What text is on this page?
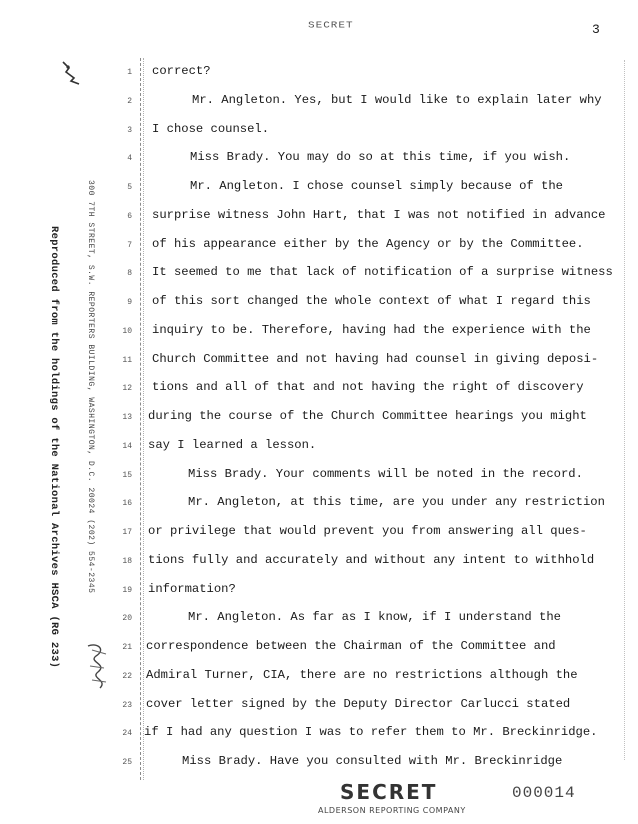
SECRET	3
Reproduced from the holdings of the National Archives HSCA (RG 233)	300 7TH STREET, S.W. REPORTERS BUILDING, WASHINGTON, D.C. 20024 (202) 554-2345
1 correct?
2	Mr. Angleton. Yes, but I would like to explain later why
3 I chose counsel.
4	Miss Brady. You may do so at this time, if you wish.
5	Mr. Angleton. I chose counsel simply because of the
6 surprise witness John Hart, that I was not notified in advance
7 of his appearance either by the Agency or by the Committee.
8 It seemed to me that lack of notification of a surprise witness
9 of this sort changed the whole context of what I regard this
10 inquiry to be. Therefore, having had the experience with the
11 Church Committee and not having had counsel in giving deposi-
12 tions and all of that and not having the right of discovery
13 during the course of the Church Committee hearings you might
14 say I learned a lesson.
15	Miss Brady. Your comments will be noted in the record.
16	Mr. Angleton, at this time, are you under any restriction
17 or privilege that would prevent you from answering all ques-
18 tions fully and accurately and without any intent to withhold
19 information?
20	Mr. Angleton. As far as I know, if I understand the
21 correspondence between the Chairman of the Committee and
22 Admiral Turner, CIA, there are no restrictions although the
23 cover letter signed by the Deputy Director Carlucci stated
24 if I had any question I was to refer them to Mr. Breckinridge.
25	Miss Brady. Have you consulted with Mr. Breckinridge
SECRET	000014
ALDERSON REPORTING COMPANY
